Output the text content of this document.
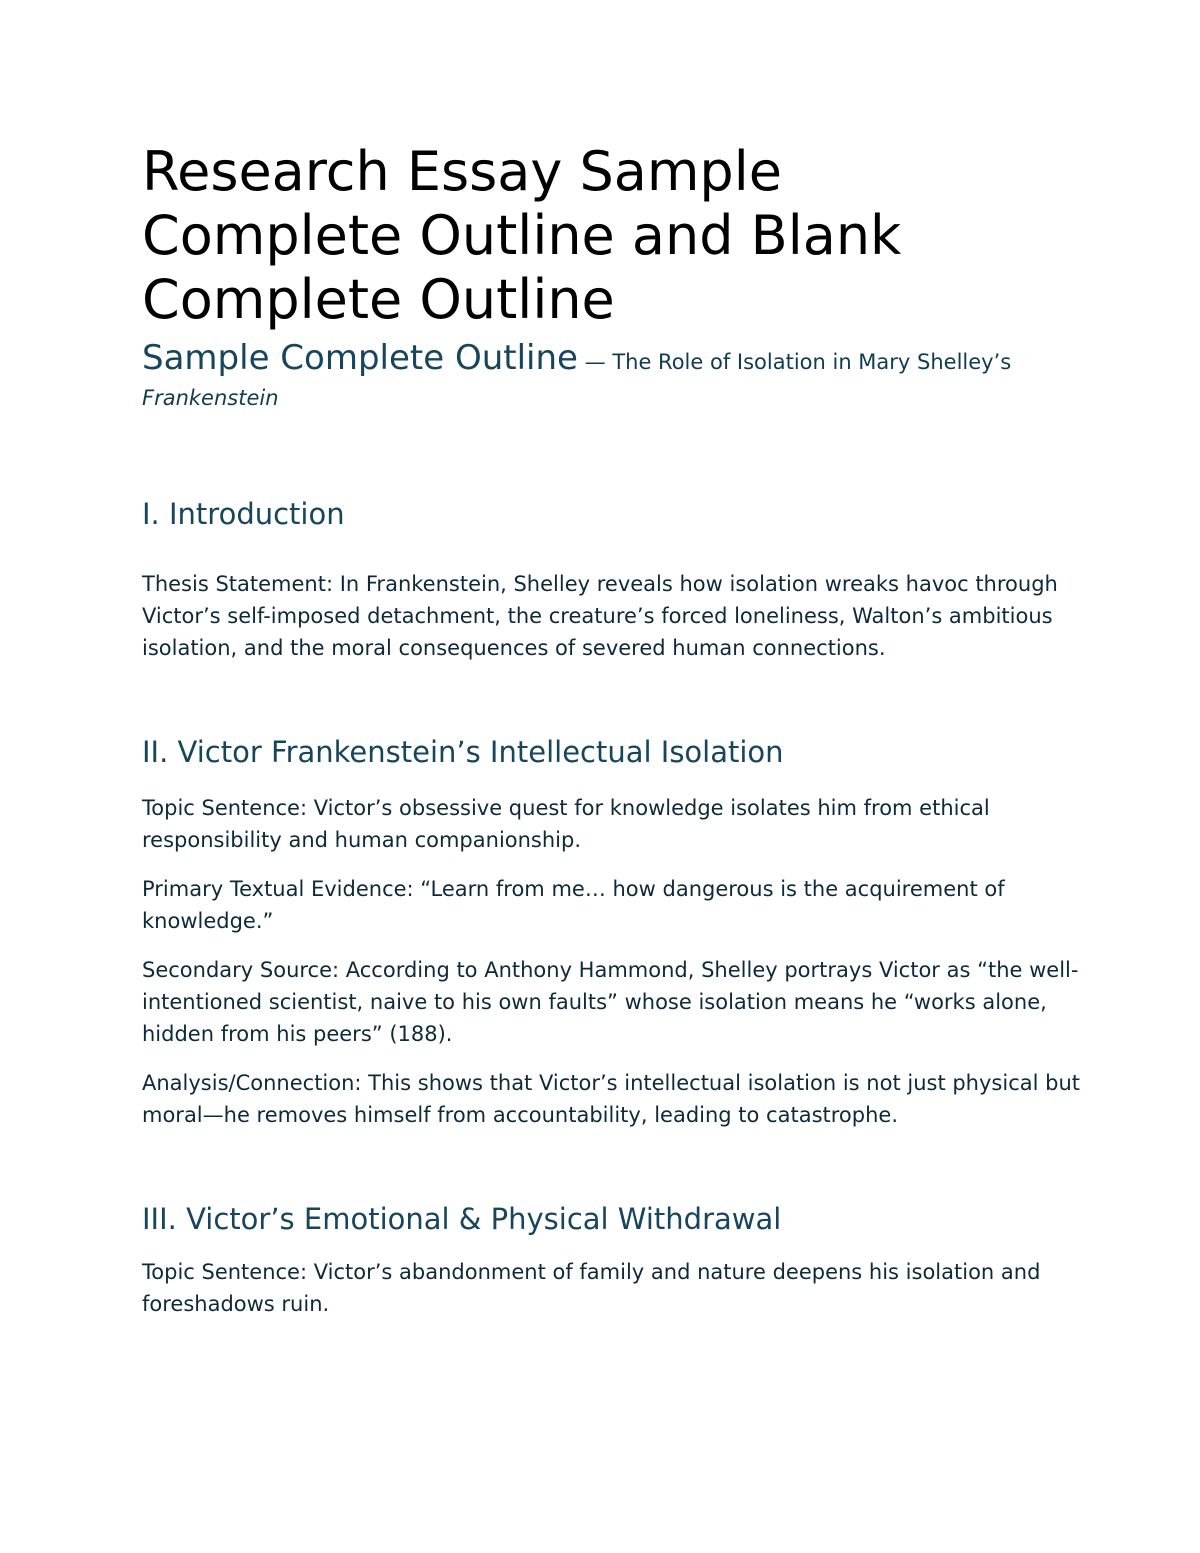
Research Essay Sample
Complete Outline and Blank
Complete Outline

Sample Complete Outline — The Role of Isolation in Mary Shelley’s Frankenstein

I. Introduction

Thesis Statement: In Frankenstein, Shelley reveals how isolation wreaks havoc through Victor’s self-imposed detachment, the creature’s forced loneliness, Walton’s ambitious isolation, and the moral consequences of severed human connections.

II. Victor Frankenstein’s Intellectual Isolation

Topic Sentence: Victor’s obsessive quest for knowledge isolates him from ethical responsibility and human companionship.

Primary Textual Evidence: “Learn from me… how dangerous is the acquirement of knowledge.”

Secondary Source: According to Anthony Hammond, Shelley portrays Victor as “the well-intentioned scientist, naive to his own faults” whose isolation means he “works alone, hidden from his peers” (188).

Analysis/Connection: This shows that Victor’s intellectual isolation is not just physical but moral—he removes himself from accountability, leading to catastrophe.

III. Victor’s Emotional & Physical Withdrawal

Topic Sentence: Victor’s abandonment of family and nature deepens his isolation and foreshadows ruin.
